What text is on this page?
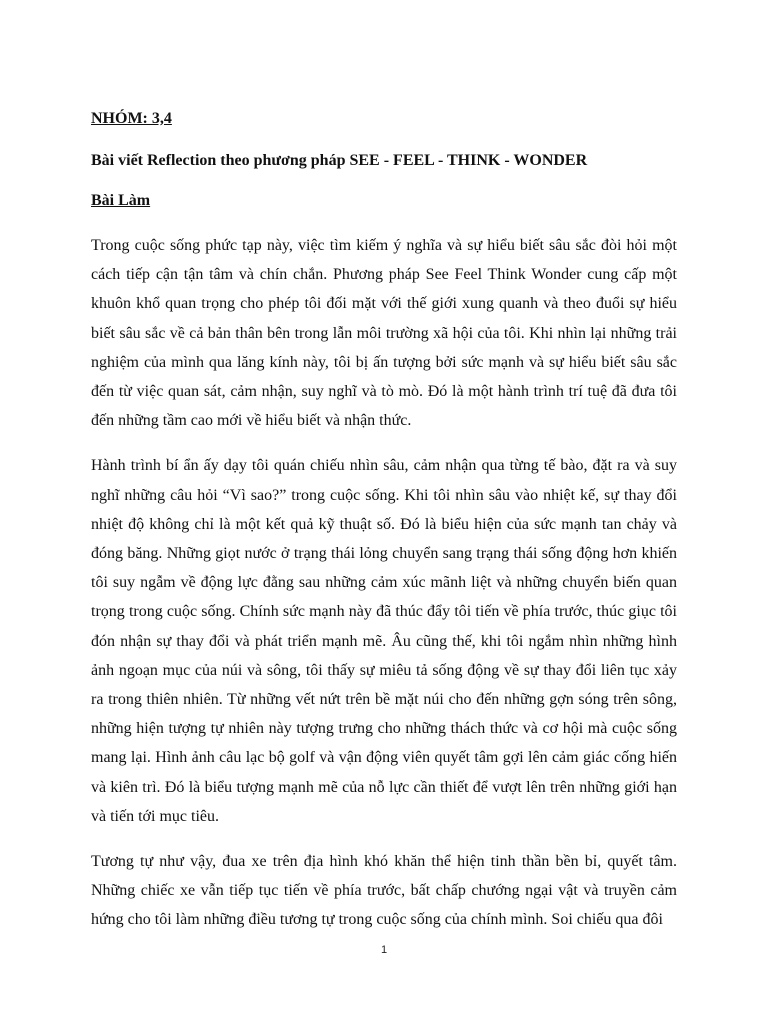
NHÓM: 3,4

Bài viết Reflection theo phương pháp SEE - FEEL - THINK - WONDER

Bài Làm

Trong cuộc sống phức tạp này, việc tìm kiếm ý nghĩa và sự hiểu biết sâu sắc đòi hỏi một cách tiếp cận tận tâm và chín chắn. Phương pháp See Feel Think Wonder cung cấp một khuôn khổ quan trọng cho phép tôi đối mặt với thế giới xung quanh và theo đuổi sự hiểu biết sâu sắc về cả bản thân bên trong lẫn môi trường xã hội của tôi. Khi nhìn lại những trải nghiệm của mình qua lăng kính này, tôi bị ấn tượng bởi sức mạnh và sự hiểu biết sâu sắc đến từ việc quan sát, cảm nhận, suy nghĩ và tò mò. Đó là một hành trình trí tuệ đã đưa tôi đến những tầm cao mới về hiểu biết và nhận thức.

Hành trình bí ẩn ấy dạy tôi quán chiếu nhìn sâu, cảm nhận qua từng tế bào, đặt ra và suy nghĩ những câu hỏi “Vì sao?” trong cuộc sống. Khi tôi nhìn sâu vào nhiệt kế, sự thay đổi nhiệt độ không chỉ là một kết quả kỹ thuật số. Đó là biểu hiện của sức mạnh tan chảy và đóng băng. Những giọt nước ở trạng thái lỏng chuyển sang trạng thái sống động hơn khiến tôi suy ngẫm về động lực đằng sau những cảm xúc mãnh liệt và những chuyển biến quan trọng trong cuộc sống. Chính sức mạnh này đã thúc đẩy tôi tiến về phía trước, thúc giục tôi đón nhận sự thay đổi và phát triển mạnh mẽ. Âu cũng thế, khi tôi ngắm nhìn những hình ảnh ngoạn mục của núi và sông, tôi thấy sự miêu tả sống động về sự thay đổi liên tục xảy ra trong thiên nhiên. Từ những vết nứt trên bề mặt núi cho đến những gợn sóng trên sông, những hiện tượng tự nhiên này tượng trưng cho những thách thức và cơ hội mà cuộc sống mang lại. Hình ảnh câu lạc bộ golf và vận động viên quyết tâm gợi lên cảm giác cống hiến và kiên trì. Đó là biểu tượng mạnh mẽ của nỗ lực cần thiết để vượt lên trên những giới hạn và tiến tới mục tiêu.

Tương tự như vậy, đua xe trên địa hình khó khăn thể hiện tinh thần bền bỉ, quyết tâm. Những chiếc xe vẫn tiếp tục tiến về phía trước, bất chấp chướng ngại vật và truyền cảm hứng cho tôi làm những điều tương tự trong cuộc sống của chính mình. Soi chiếu qua đôi

1
